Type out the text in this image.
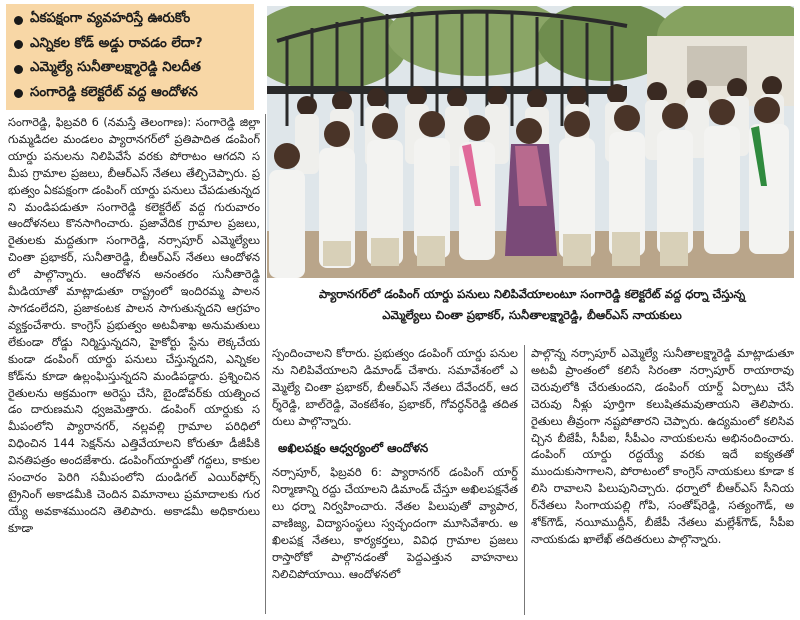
ఏకపక్షంగా వ్యవహరిస్తే ఊరుకోం
ఎన్నికల కోడ్ అడ్డు రావడం లేదా?
ఎమ్మెల్యే సునీతాలక్ష్మారెడ్డి నిలదీత
సంగారెడ్డి కలెక్టరేట్ వద్ద ఆందోళన
ప్యారానగర్‌లో డంపింగ్ యార్డు పనులు నిలిపివేయాలంటూ సంగారెడ్డి కలెక్టరేట్ వద్ద ధర్నా చేస్తున్న
ఎమ్మెల్యేలు చింతా ప్రభాకర్, సునీతాలక్ష్మారెడ్డి, బీఆర్ఎస్ నాయకులు

సంగారెడ్డి, ఫిబ్రవరి 6 (నమస్తే తెలంగాణ): సంగారెడ్డి జిల్లా గుమ్మడిదల మండలం ప్యారానగర్‌లో ప్రతిపాదిత డంపింగ్ యార్డు పనులను నిలిపివేసే వరకు పోరాటం ఆగదని సమీప గ్రామాల ప్రజలు, బీఆర్ఎస్ నేతలు తేల్చిచెప్పారు. ప్రభుత్వం ఏకపక్షంగా డంపింగ్ యార్డు పనులు చేపడుతున్నదని మండిపడుతూ సంగారెడ్డి కలెక్టరేట్ వద్ద గురువారం ఆందోళనలు కొనసాగించారు. ప్రజావేదిక గ్రామాల ప్రజలు, రైతులకు మద్దతుగా సంగారెడ్డి, నర్సాపూర్ ఎమ్మెల్యేలు చింతా ప్రభాకర్, సునీతారెడ్డి, బీఆర్ఎస్ నేతలు ఆందోళనలో పాల్గొన్నారు. ఆందోళన అనంతరం సునీతారెడ్డి మీడియాతో మాట్లాడుతూ రాష్ట్రంలో ఇందిరమ్మ పాలన సాగడంలేదని, ప్రజాకంటక పాలన సాగుతున్నదని ఆగ్రహం వ్యక్తంచేశారు. కాంగ్రెస్ ప్రభుత్వం అటవీశాఖ అనుమతులు లేకుండా రోడ్డు నిర్మిస్తున్నదని, హైకోర్టు స్టేను లెక్కచేయకుండా డంపింగ్ యార్డు పనులు చేస్తున్నదని, ఎన్నికల కోడ్‌ను కూడా ఉల్లంఘిస్తున్నదని మండిపడ్డారు. ప్రశ్నించిన రైతులను అక్రమంగా అరెస్టు చేసి, బైండోవర్‌కు యత్నించడం దారుణమని ధ్వజమెత్తారు. డంపింగ్ యార్డుకు సమీపంలోని ప్యారానగర్, నల్లవల్లి గ్రామాల పరిధిలో విధించిన 144 సెక్షన్‌ను ఎత్తివేయాలని కోరుతూ డీజీపీకి వినతిపత్రం అందజేశారు. డంపింగ్‌యార్డుతో గద్దలు, కాకుల సంచారం పెరిగి సమీపంలోని దుండిగల్ ఎయిర్‌ఫోర్స్ ట్రైనింగ్ అకాడమీకి చెందిన విమానాలు ప్రమాదాలకు గురయ్యే అవకాశముందని తెలిపారు. అకాడమీ అధికారులు కూడా

స్పందించాలని కోరారు. ప్రభుత్వం డంపింగ్ యార్డు పనులను నిలిపివేయాలని డిమాండ్ చేశారు. సమావేశంలో ఎమ్మెల్యే చింతా ప్రభాకర్, బీఆర్ఎస్ నేతలు దేవేందర్, ఆదర్శ్‌రెడ్డి, బాల్‌రెడ్డి, వెంకటేశం, ప్రభాకర్, గోవర్ధన్‌రెడ్డి తదితరులు పాల్గొన్నారు.

అఖిలపక్షం ఆధ్వర్యంలో ఆందోళన

నర్సాపూర్, ఫిబ్రవరి 6: ప్యారానగర్ డంపింగ్ యార్డ్ నిర్మాణాన్ని రద్దు చేయాలని డిమాండ్ చేస్తూ అఖిలపక్షనేతలు ధర్నా నిర్వహించారు. నేతల పిలుపుతో వ్యాపార, వాణిజ్య, విద్యాసంస్థలు స్వచ్ఛందంగా మూసివేశారు. అఖిలపక్ష నేతలు, కార్యకర్తలు, వివిధ గ్రామాల ప్రజలు రాస్తారోకో పాల్గొనడంతో పెద్దఎత్తున వాహనాలు నిలిచిపోయాయి. ఆందోళనలో

పాల్గొన్న నర్సాపూర్ ఎమ్మెల్యే సునీతాలక్ష్మారెడ్డి మాట్లాడుతూ అటవీ ప్రాంతంలో కలిసే సిరంతా నర్సాపూర్ రాయారావు చెరువులోకి చేరుతుందని, డంపింగ్ యార్డ్ ఏర్పాటు చేసే చెరువు నీళ్లు పూర్తిగా కలుషితమవుతాయని తెలిపారు. రైతులు తీవ్రంగా నష్టపోతారని చెప్పారు. ఉద్యమంలో కలిసివచ్చిన బీజేపీ, సీపీఐ, సీపీఎం నాయకులను అభినందించారు. డంపింగ్ యార్డు రద్దయ్యే వరకు ఇదే ఐక్యతతో ముందుకుసాగాలని, పోరాటంలో కాంగ్రెస్ నాయకులు కూడా కలిసి రావాలని పిలుపునిచ్చారు. ధర్నాలో బీఆర్ఎస్ సీనియర్‌నేతలు సింగాయపల్లి గోపి, సంతోష్‌రెడ్డి, సత్యంగౌడ్, అశోక్‌గౌడ్, నయీముద్దీన్, బీజేపీ నేతలు మల్లేశ్‌గౌడ్, సీపీఐ నాయకుడు ఖాలేఖ్ తదితరులు పాల్గొన్నారు.
